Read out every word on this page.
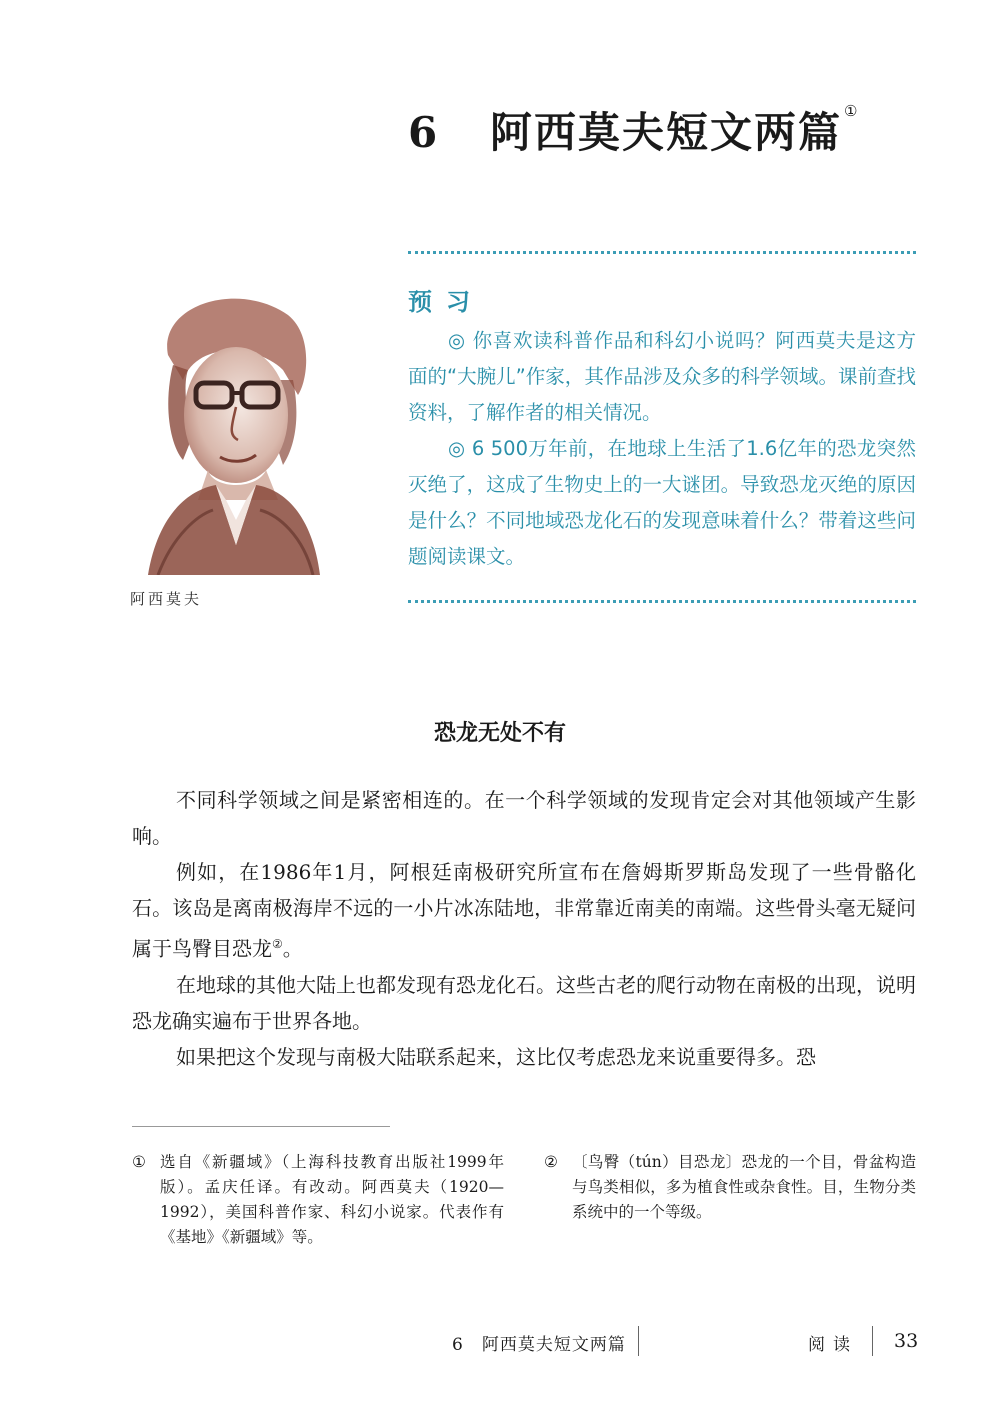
6 阿西莫夫短文两篇 ①
预习

◎ 你喜欢读科普作品和科幻小说吗？阿西莫夫是这方面的“大腕儿”作家，其作品涉及众多的科学领域。课前查找资料，了解作者的相关情况。

◎ 6 500万年前，在地球上生活了1.6亿年的恐龙突然灭绝了，这成了生物史上的一大谜团。导致恐龙灭绝的原因是什么？不同地域恐龙化石的发现意味着什么？带着这些问题阅读课文。

阿西莫夫
恐龙无处不有

不同科学领域之间是紧密相连的。在一个科学领域的发现肯定会对其他领域产生影响。

例如，在1986年1月，阿根廷南极研究所宣布在詹姆斯罗斯岛发现了一些骨骼化石。该岛是离南极海岸不远的一小片冰冻陆地，非常靠近南美的南端。这些骨头毫无疑问属于鸟臀目恐龙②。

在地球的其他大陆上也都发现有恐龙化石。这些古老的爬行动物在南极的出现，说明恐龙确实遍布于世界各地。

如果把这个发现与南极大陆联系起来，这比仅考虑恐龙来说重要得多。恐

① 选自《新疆域》（上海科技教育出版社1999年版）。孟庆任译。有改动。阿西莫夫（1920—1992），美国科普作家、科幻小说家。代表作有《基地》《新疆域》等。
② 〔鸟臀（tún）目恐龙〕恐龙的一个目，骨盆构造与鸟类相似，多为植食性或杂食性。目，生物分类系统中的一个等级。
6　阿西莫夫短文两篇	阅读 33
